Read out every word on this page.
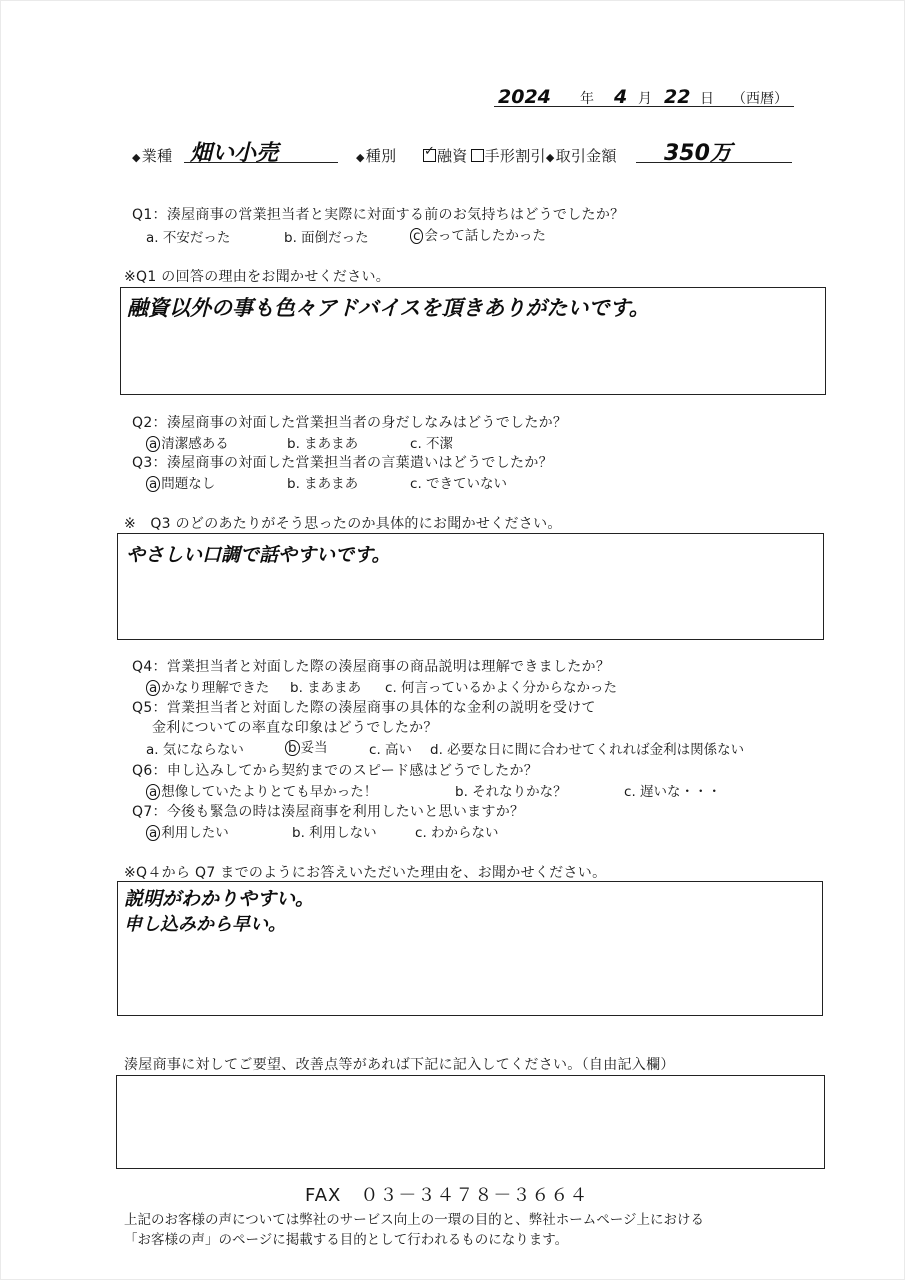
2024 年 4 月 22 日 （西暦）
◆業種 畑い小売	◆種別
✓	融資 手形割引◆取引金額 350万
Q1：湊屋商事の営業担当者と実際に対面する前のお気持ちはどうでしたか？
a. 不安だった	b. 面倒だった	c 会って話したかった
※Q1 の回答の理由をお聞かせください。
融資以外の事も色々アドバイスを頂きありがたいです。
Q2：湊屋商事の対面した営業担当者の身だしなみはどうでしたか？
a 清潔感ある	b. まあまあ	c. 不潔
Q3：湊屋商事の対面した営業担当者の言葉遣いはどうでしたか？
a 問題なし	b. まあまあ	c. できていない
※　Q3 のどのあたりがそう思ったのか具体的にお聞かせください。
やさしい口調で話やすいです。
Q4：営業担当者と対面した際の湊屋商事の商品説明は理解できましたか？
a かなり理解できた b. まあまあ c. 何言っているかよく分からなかった
Q5：営業担当者と対面した際の湊屋商事の具体的な金利の説明を受けて
金利についての率直な印象はどうでしたか？
a. 気にならない	b 妥当	c. 高い d. 必要な日に間に合わせてくれれば金利は関係ない
Q6：申し込みしてから契約までのスピード感はどうでしたか？
a 想像していたよりとても早かった！	b. それなりかな？	c. 遅いな・・・
Q7：今後も緊急の時は湊屋商事を利用したいと思いますか？
a 利用したい	b. 利用しない	c. わからない
※Q４から Q7 までのようにお答えいただいた理由を、お聞かせください。
説明がわかりやすい。
申し込みから早い。
湊屋商事に対してご要望、改善点等があれば下記に記入してください。（自由記入欄）
FAX　０３－３４７８－３６６４
上記のお客様の声については弊社のサービス向上の一環の目的と、弊社ホームページ上における
「お客様の声」のページに掲載する目的として行われるものになります。
